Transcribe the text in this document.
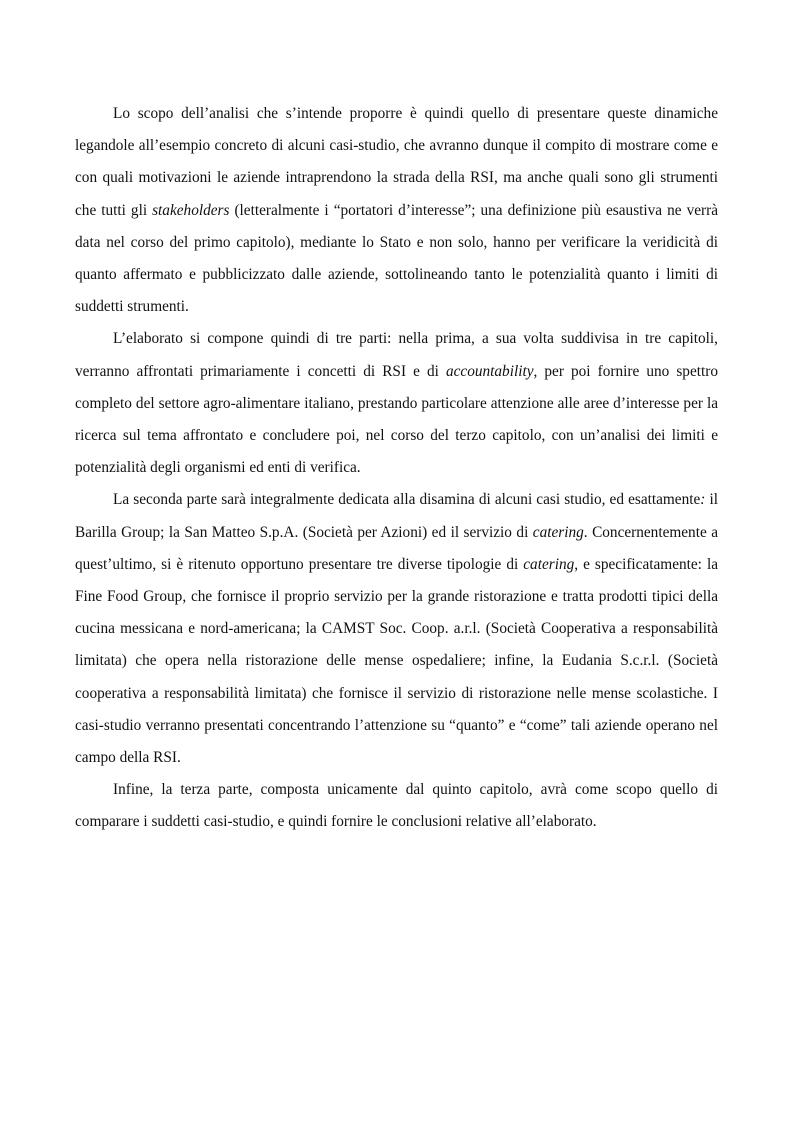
Lo scopo dell’analisi che s’intende proporre è quindi quello di presentare queste dinamiche legandole all’esempio concreto di alcuni casi-studio, che avranno dunque il compito di mostrare come e con quali motivazioni le aziende intraprendono la strada della RSI, ma anche quali sono gli strumenti che tutti gli stakeholders (letteralmente i “portatori d’interesse”; una definizione più esaustiva ne verrà data nel corso del primo capitolo), mediante lo Stato e non solo, hanno per verificare la veridicità di quanto affermato e pubblicizzato dalle aziende, sottolineando tanto le potenzialità quanto i limiti di suddetti strumenti.

L’elaborato si compone quindi di tre parti: nella prima, a sua volta suddivisa in tre capitoli, verranno affrontati primariamente i concetti di RSI e di accountability, per poi fornire uno spettro completo del settore agro-alimentare italiano, prestando particolare attenzione alle aree d’interesse per la ricerca sul tema affrontato e concludere poi, nel corso del terzo capitolo, con un’analisi dei limiti e potenzialità degli organismi ed enti di verifica.

La seconda parte sarà integralmente dedicata alla disamina di alcuni casi studio, ed esattamente: il Barilla Group; la San Matteo S.p.A. (Società per Azioni) ed il servizio di catering. Concernentemente a quest’ultimo, si è ritenuto opportuno presentare tre diverse tipologie di catering, e specificatamente: la Fine Food Group, che fornisce il proprio servizio per la grande ristorazione e tratta prodotti tipici della cucina messicana e nord-americana; la CAMST Soc. Coop. a.r.l. (Società Cooperativa a responsabilità limitata) che opera nella ristorazione delle mense ospedaliere; infine, la Eudania S.c.r.l. (Società cooperativa a responsabilità limitata) che fornisce il servizio di ristorazione nelle mense scolastiche. I casi-studio verranno presentati concentrando l’attenzione su “quanto” e “come” tali aziende operano nel campo della RSI.

Infine, la terza parte, composta unicamente dal quinto capitolo, avrà come scopo quello di comparare i suddetti casi-studio, e quindi fornire le conclusioni relative all’elaborato.
